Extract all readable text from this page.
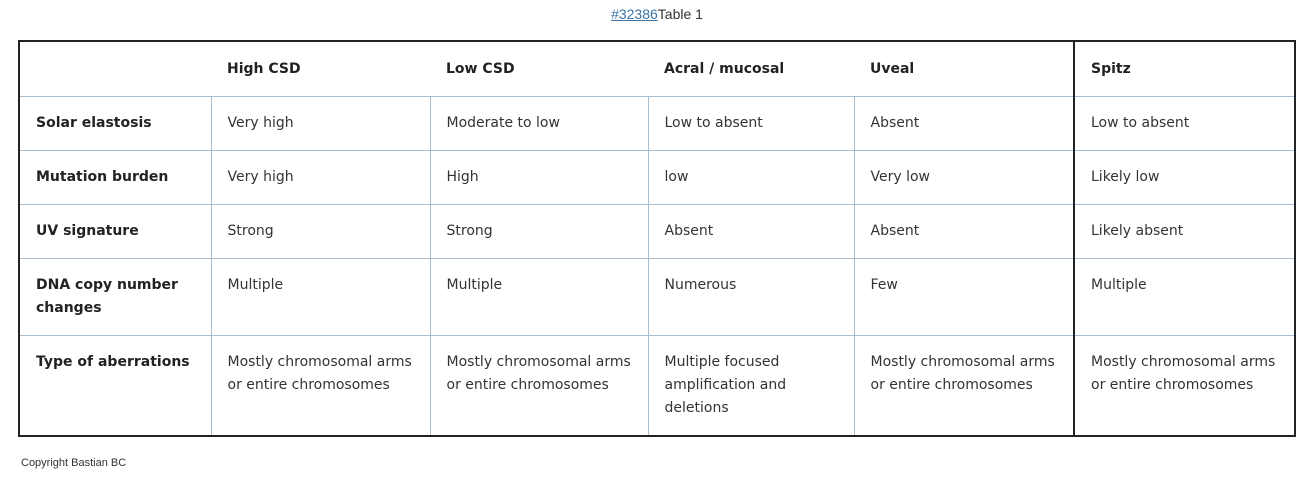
#32386Table 1
	High CSD	Low CSD	Acral / mucosal	Uveal	Spitz
Solar elastosis	Very high	Moderate to low	Low to absent	Absent	Low to absent
Mutation burden	Very high	High	low	Very low	Likely low
UV signature	Strong	Strong	Absent	Absent	Likely absent
DNA copy number changes	Multiple	Multiple	Numerous	Few	Multiple
Type of aberrations	Mostly chromosomal arms or entire chromosomes	Mostly chromosomal arms or entire chromosomes	Multiple focused amplification and deletions	Mostly chromosomal arms or entire chromosomes	Mostly chromosomal arms or entire chromosomes
Copyright Bastian BC
